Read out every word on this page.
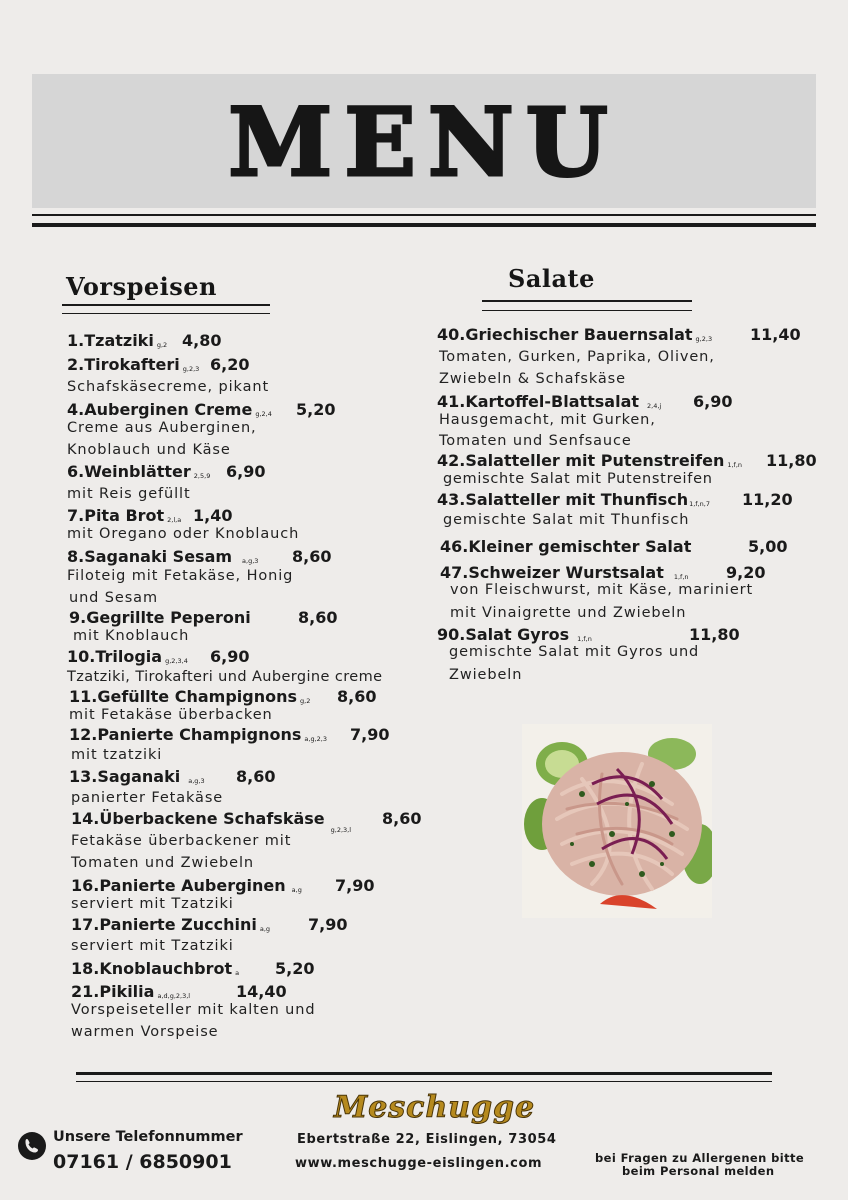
MENU
Vorspeisen	Salate
1.Tzatziki g,2 4,80
2.Tirokafteri g,2,3 6,20
Schafskäsecreme, pikant
4.Auberginen Creme g,2,4 5,20
Creme aus Auberginen,
Knoblauch und Käse
6.Weinblätter 2,5,9 6,90
mit Reis gefüllt
7.Pita Brot 2,l,a 1,40
mit Oregano oder Knoblauch
8.Saganaki Sesam a,g,3 8,60
Filoteig mit Fetakäse, Honig
und Sesam
9.Gegrillte Peperoni	8,60
mit Knoblauch
10.Trilogia g,2,3,4 6,90
Tzatziki, Tirokafteri und Aubergine creme
11.Gefüllte Champignons g,2 8,60
mit Fetakäse überbacken
12.Panierte Champignons a,g,2,3 7,90
mit tzatziki
13.Saganaki a,g,3 8,60
panierter Fetakäse
14.Überbackene Schafskäse$_{g,2,3,l}$
8,60
Fetakäse überbackener mit
Tomaten und Zwiebeln
16.Panierte Auberginen a,g 7,90
serviert mit Tzatziki
17.Panierte Zucchini a,g 7,90
serviert mit Tzatziki
18.Knoblauchbrot a 5,20
21.Pikilia a,d,g,2,3,l	14,40
Vorspeiseteller mit kalten und
warmen Vorspeise
40.Griechischer Bauernsalat g,2,3 11,40
Tomaten, Gurken, Paprika, Oliven,
Zwiebeln & Schafskäse
41.Kartoffel-Blattsalat 2,4,j 6,90
Hausgemacht, mit Gurken,
Tomaten und Senfsauce
42.Salatteller mit Putenstreifen 1,f,n 11,80
gemischte Salat mit Putenstreifen
43.Salatteller mit Thunfisch1,f,n,7 11,20
gemischte Salat mit Thunfisch
46.Kleiner gemischter Salat	5,00
47.Schweizer Wurstsalat 1,f,n 9,20
von Fleischwurst, mit Käse, mariniert
mit Vinaigrette und Zwiebeln
90.Salat Gyros 1,f,n	11,80
gemischte Salat mit Gyros und
Zwiebeln
Unsere Telefonnummer
07161 / 6850901
Meschugge
Ebertstraße 22, Eislingen, 73054
www.meschugge-eislingen.com	bei Fragen zu Allergenen bitte
beim Personal melden
